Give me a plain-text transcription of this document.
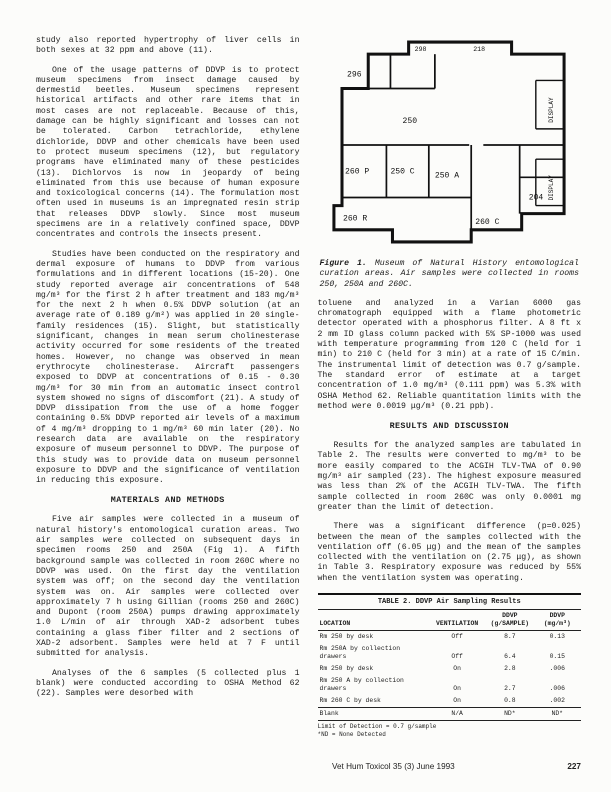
study also reported hypertrophy of liver cells in both sexes at 32 ppm and above (11).

One of the usage patterns of DDVP is to protect museum specimens from insect damage caused by dermestid beetles. Museum specimens represent historical artifacts and other rare items that in most cases are not replaceable. Because of this, damage can be highly significant and losses can not be tolerated. Carbon tetrachloride, ethylene dichloride, DDVP and other chemicals have been used to protect museum specimens (12), but regulatory programs have eliminated many of these pesticides (13). Dichlorvos is now in jeopardy of being eliminated from this use because of human exposure and toxicological concerns (14). The formulation most often used in museums is an impregnated resin strip that releases DDVP slowly. Since most museum specimens are in a relatively confined space, DDVP concentrates and controls the insects present.

Studies have been conducted on the respiratory and dermal exposure of humans to DDVP from various formulations and in different locations (15-20). One study reported average air concentrations of 548 mg/m³ for the first 2 h after treatment and 183 mg/m³ for the next 2 h when 0.5% DDVP solution (at an average rate of 0.189 g/m²) was applied in 20 single-family residences (15). Slight, but statistically significant, changes in mean serum cholinesterase activity occurred for some residents of the treated homes. However, no change was observed in mean erythrocyte cholinesterase. Aircraft passengers exposed to DDVP at concentrations of 0.15 - 0.30 mg/m³ for 30 min from an automatic insect control system showed no signs of discomfort (21). A study of DDVP dissipation from the use of a home fogger containing 0.5% DDVP reported air levels of a maximum of 4 mg/m³ dropping to 1 mg/m³ 60 min later (20). No research data are available on the respiratory exposure of museum personnel to DDVP. The purpose of this study was to provide data on museum personnel exposure to DDVP and the significance of ventilation in reducing this exposure.

MATERIALS AND METHODS

Five air samples were collected in a museum of natural history's entomological curation areas. Two air samples were collected on subsequent days in specimen rooms 250 and 250A (Fig 1). A fifth background sample was collected in room 260C where no DDVP was used. On the first day the ventilation system was off; on the second day the ventilation system was on. Air samples were collected over approximately 7 h using Gillian (rooms 250 and 260C) and Dupont (room 250A) pumps drawing approximately 1.0 L/min of air through XAD-2 adsorbent tubes containing a glass fiber filter and 2 sections of XAD-2 adsorbent. Samples were held at 7 F until submitted for analysis.

Analyses of the 6 samples (5 collected plus 1 blank) were conducted according to OSHA Method 62 (22). Samples were desorbed with

296
298	218
250
260 P	250 C
260 R
250 A
260 C
204
DISPLAY
DISPLAY

Figure 1. Museum of Natural History entomological curation areas. Air samples were collected in rooms 250, 250A and 260C.

toluene and analyzed in a Varian 6000 gas chromatograph equipped with a flame photometric detector operated with a phosphorus filter. A 8 ft x 2 mm ID glass column packed with 5% SP-1000 was used with temperature programming from 120 C (held for 1 min) to 210 C (held for 3 min) at a rate of 15 C/min. The instrumental limit of detection was 0.7 g/sample. The standard error of estimate at a target concentration of 1.0 mg/m³ (0.111 ppm) was 5.3% with OSHA Method 62. Reliable quantitation limits with the method were 0.0019 μg/m³ (0.21 ppb).

RESULTS AND DISCUSSION

Results for the analyzed samples are tabulated in Table 2. The results were converted to mg/m³ to be more easily compared to the ACGIH TLV-TWA of 0.90 mg/m³ air sampled (23). The highest exposure measured was less than 2% of the ACGIH TLV-TWA. The fifth sample collected in room 260C was only 0.0001 mg greater than the limit of detection.

There was a significant difference (p=0.025) between the mean of the samples collected with the ventilation off (6.05 μg) and the mean of the samples collected with the ventilation on (2.75 μg), as shown in Table 3. Respiratory exposure was reduced by 55% when the ventilation system was operating.

TABLE 2. DDVP Air Sampling Results
LOCATION	VENTILATION

DDVP
(g/SAMPLE)

DDVP
(mg/m³)

Rm 250 by desk	Off	8.7	0.13
Rm 250A by collection drawers	Off	6.4	0.15
Rm 250 by desk	On	2.8	.006
Rm 250 A by collection drawers	On	2.7	.006
Rm 260 C by desk	On	0.8	.002
Blank	N/A	ND*	ND*
Limit of Detection = 0.7 g/sample
*ND = None Detected
Vet Hum Toxicol 35 (3) June 1993	227
